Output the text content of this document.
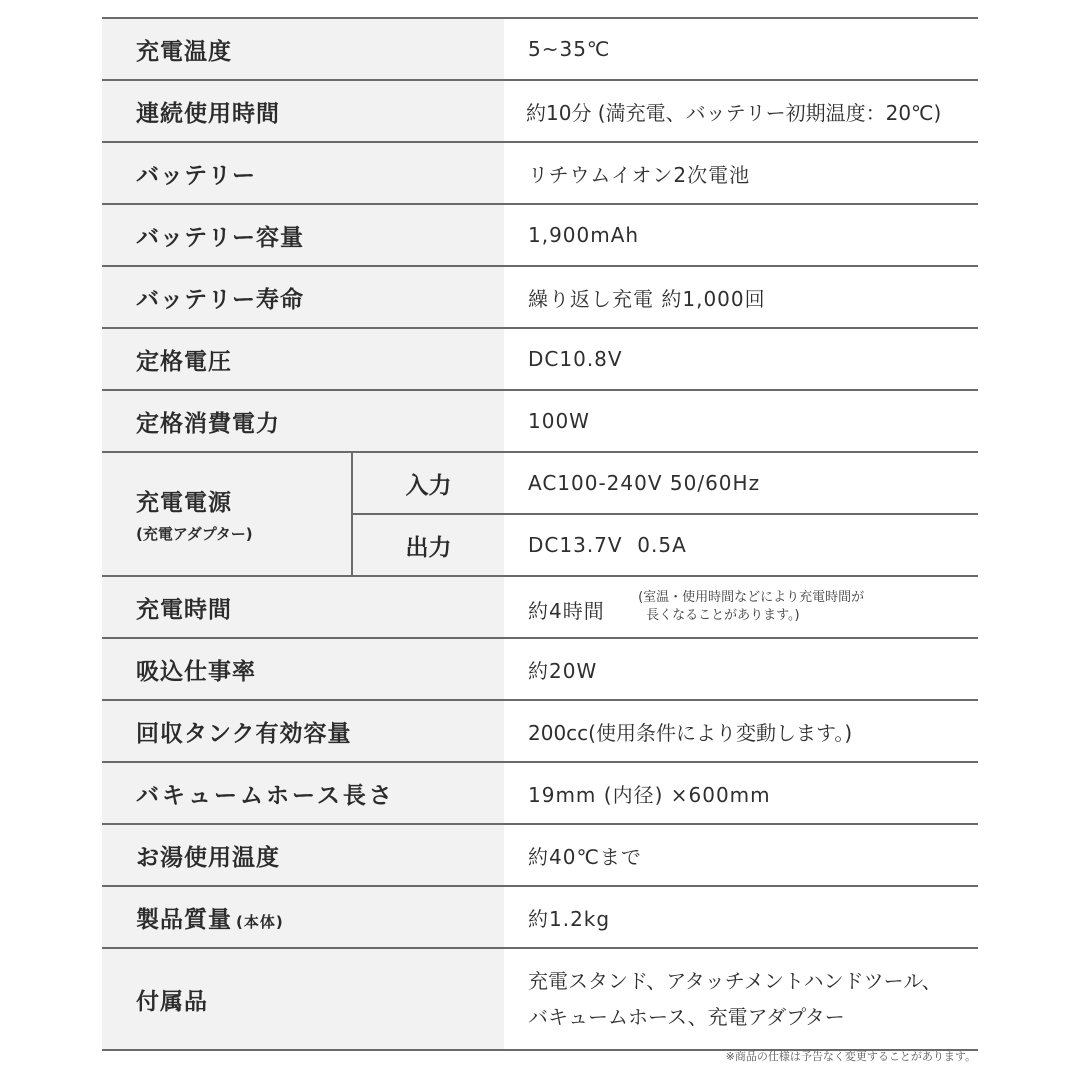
充電温度		5~35℃
連続使用時間		約10分 (満充電、バッテリー初期温度：20℃)
バッテリー		リチウムイオン2次電池
バッテリー容量		1,900mAh
バッテリー寿命		繰り返し充電 約1,000回
定格電圧		DC10.8V
定格消費電力		100W
充電電源
(充電アダプター)	入力	AC100-240V 50/60Hz
	出力	DC13.7V  0.5A
充電時間		約4時間 (室温・使用時間などにより充電時間が
長くなることがあります。)
吸込仕事率		約20W
回収タンク有効容量		200cc(使用条件により変動します。)
バキュームホース長さ		19mm (内径) ×600mm
お湯使用温度		約40℃まで
製品質量 (本体)		約1.2kg
付属品		充電スタンド、アタッチメントハンドツール、
バキュームホース、充電アダプター
※商品の仕様は予告なく変更することがあります。
